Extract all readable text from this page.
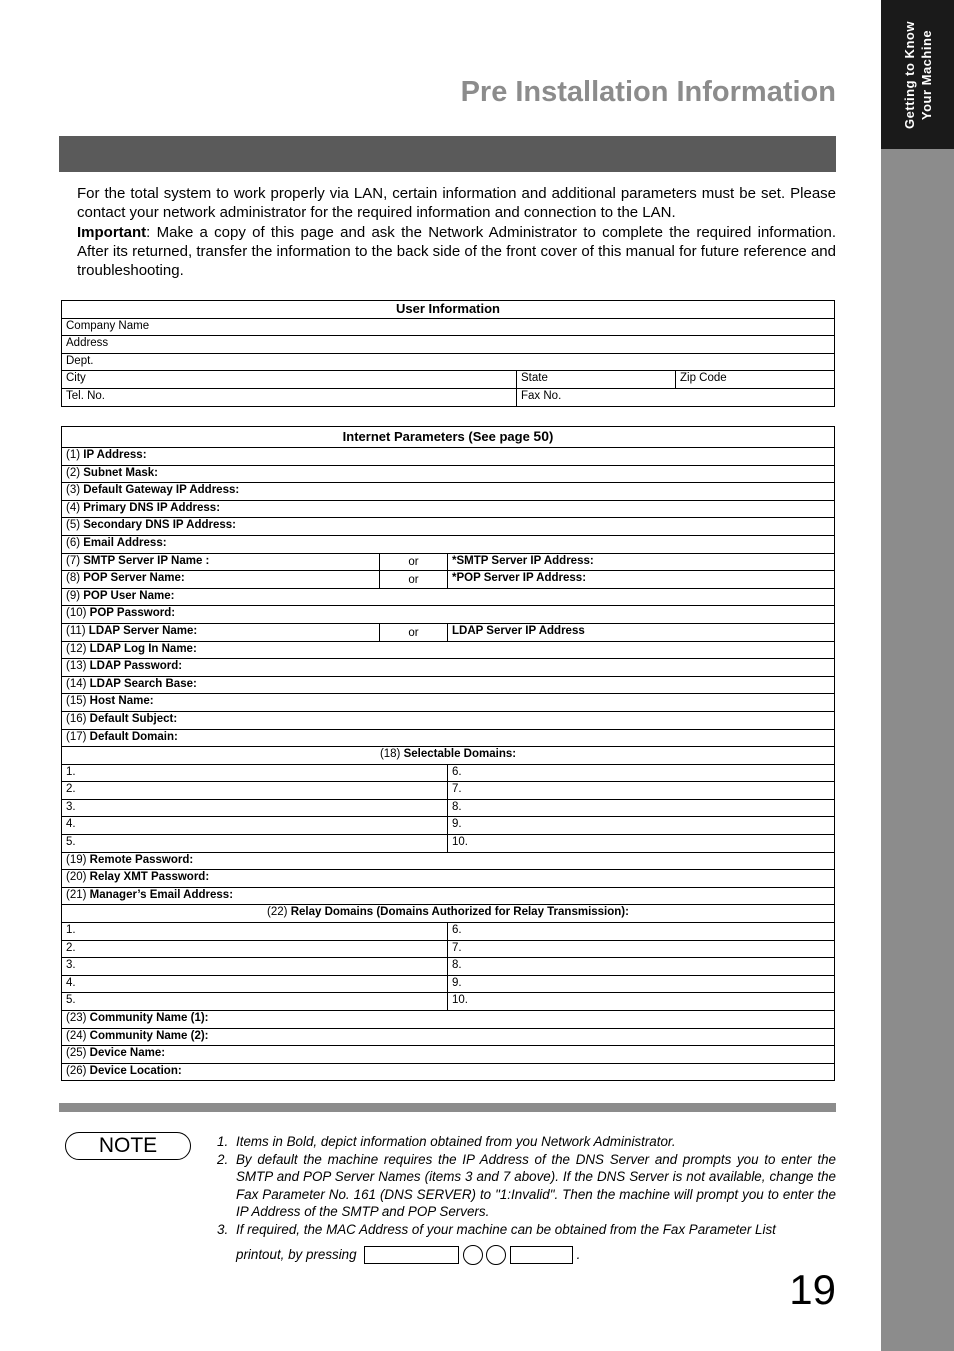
Getting to Know Your Machine
Pre Installation Information

For the total system to work properly via LAN, certain information and additional parameters must be set. Please contact your network administrator for the required information and connection to the LAN.

Important: Make a copy of this page and ask the Network Administrator to complete the required information. After its returned, transfer the information to the back side of the front cover of this manual for future reference and troubleshooting.

User Information		
Company Name		
Address		
Dept.		
City	State	Zip Code
Tel. No.	Fax No.	
Internet Parameters (See page 50)		
(1) IP Address:		
(2) Subnet Mask:		
(3) Default Gateway IP Address:		
(4) Primary DNS IP Address:		
(5) Secondary DNS IP Address:		
(6) Email Address:		
(7) SMTP Server IP Name :	or	*SMTP Server IP Address:
(8) POP Server Name:	or	*POP Server IP Address:
(9) POP User Name:		
(10) POP Password:		
(11) LDAP Server Name:	or	LDAP Server IP Address
(12) LDAP Log In Name:		
(13) LDAP Password:		
(14) LDAP Search Base:		
(15) Host Name:		
(16) Default Subject:		
(17) Default Domain:		
(18) Selectable Domains:		
1.		6.
2.		7.
3.		8.
4.		9.
5.		10.
(19) Remote Password:		
(20) Relay XMT Password:		
(21) Manager’s Email Address:		
(22) Relay Domains (Domains Authorized for Relay Transmission):		
1.		6.
2.		7.
3.		8.
4.		9.
5.		10.
(23) Community Name (1):		
(24) Community Name (2):		
(25) Device Name:		
(26) Device Location:		
NOTE	1. Items in Bold, depict information obtained from you Network Administrator.
2. By default the machine requires the IP Address of the DNS Server and prompts you to enter the SMTP and POP Server Names (items 3 and 7 above). If the DNS Server is not available, change the Fax Parameter No. 161 (DNS SERVER) to "1:Invalid". Then the machine will prompt you to enter the IP Address of the SMTP and POP Servers.
3. If required, the MAC Address of your machine can be obtained from the Fax Parameter List
printout, by pressing	.
19
